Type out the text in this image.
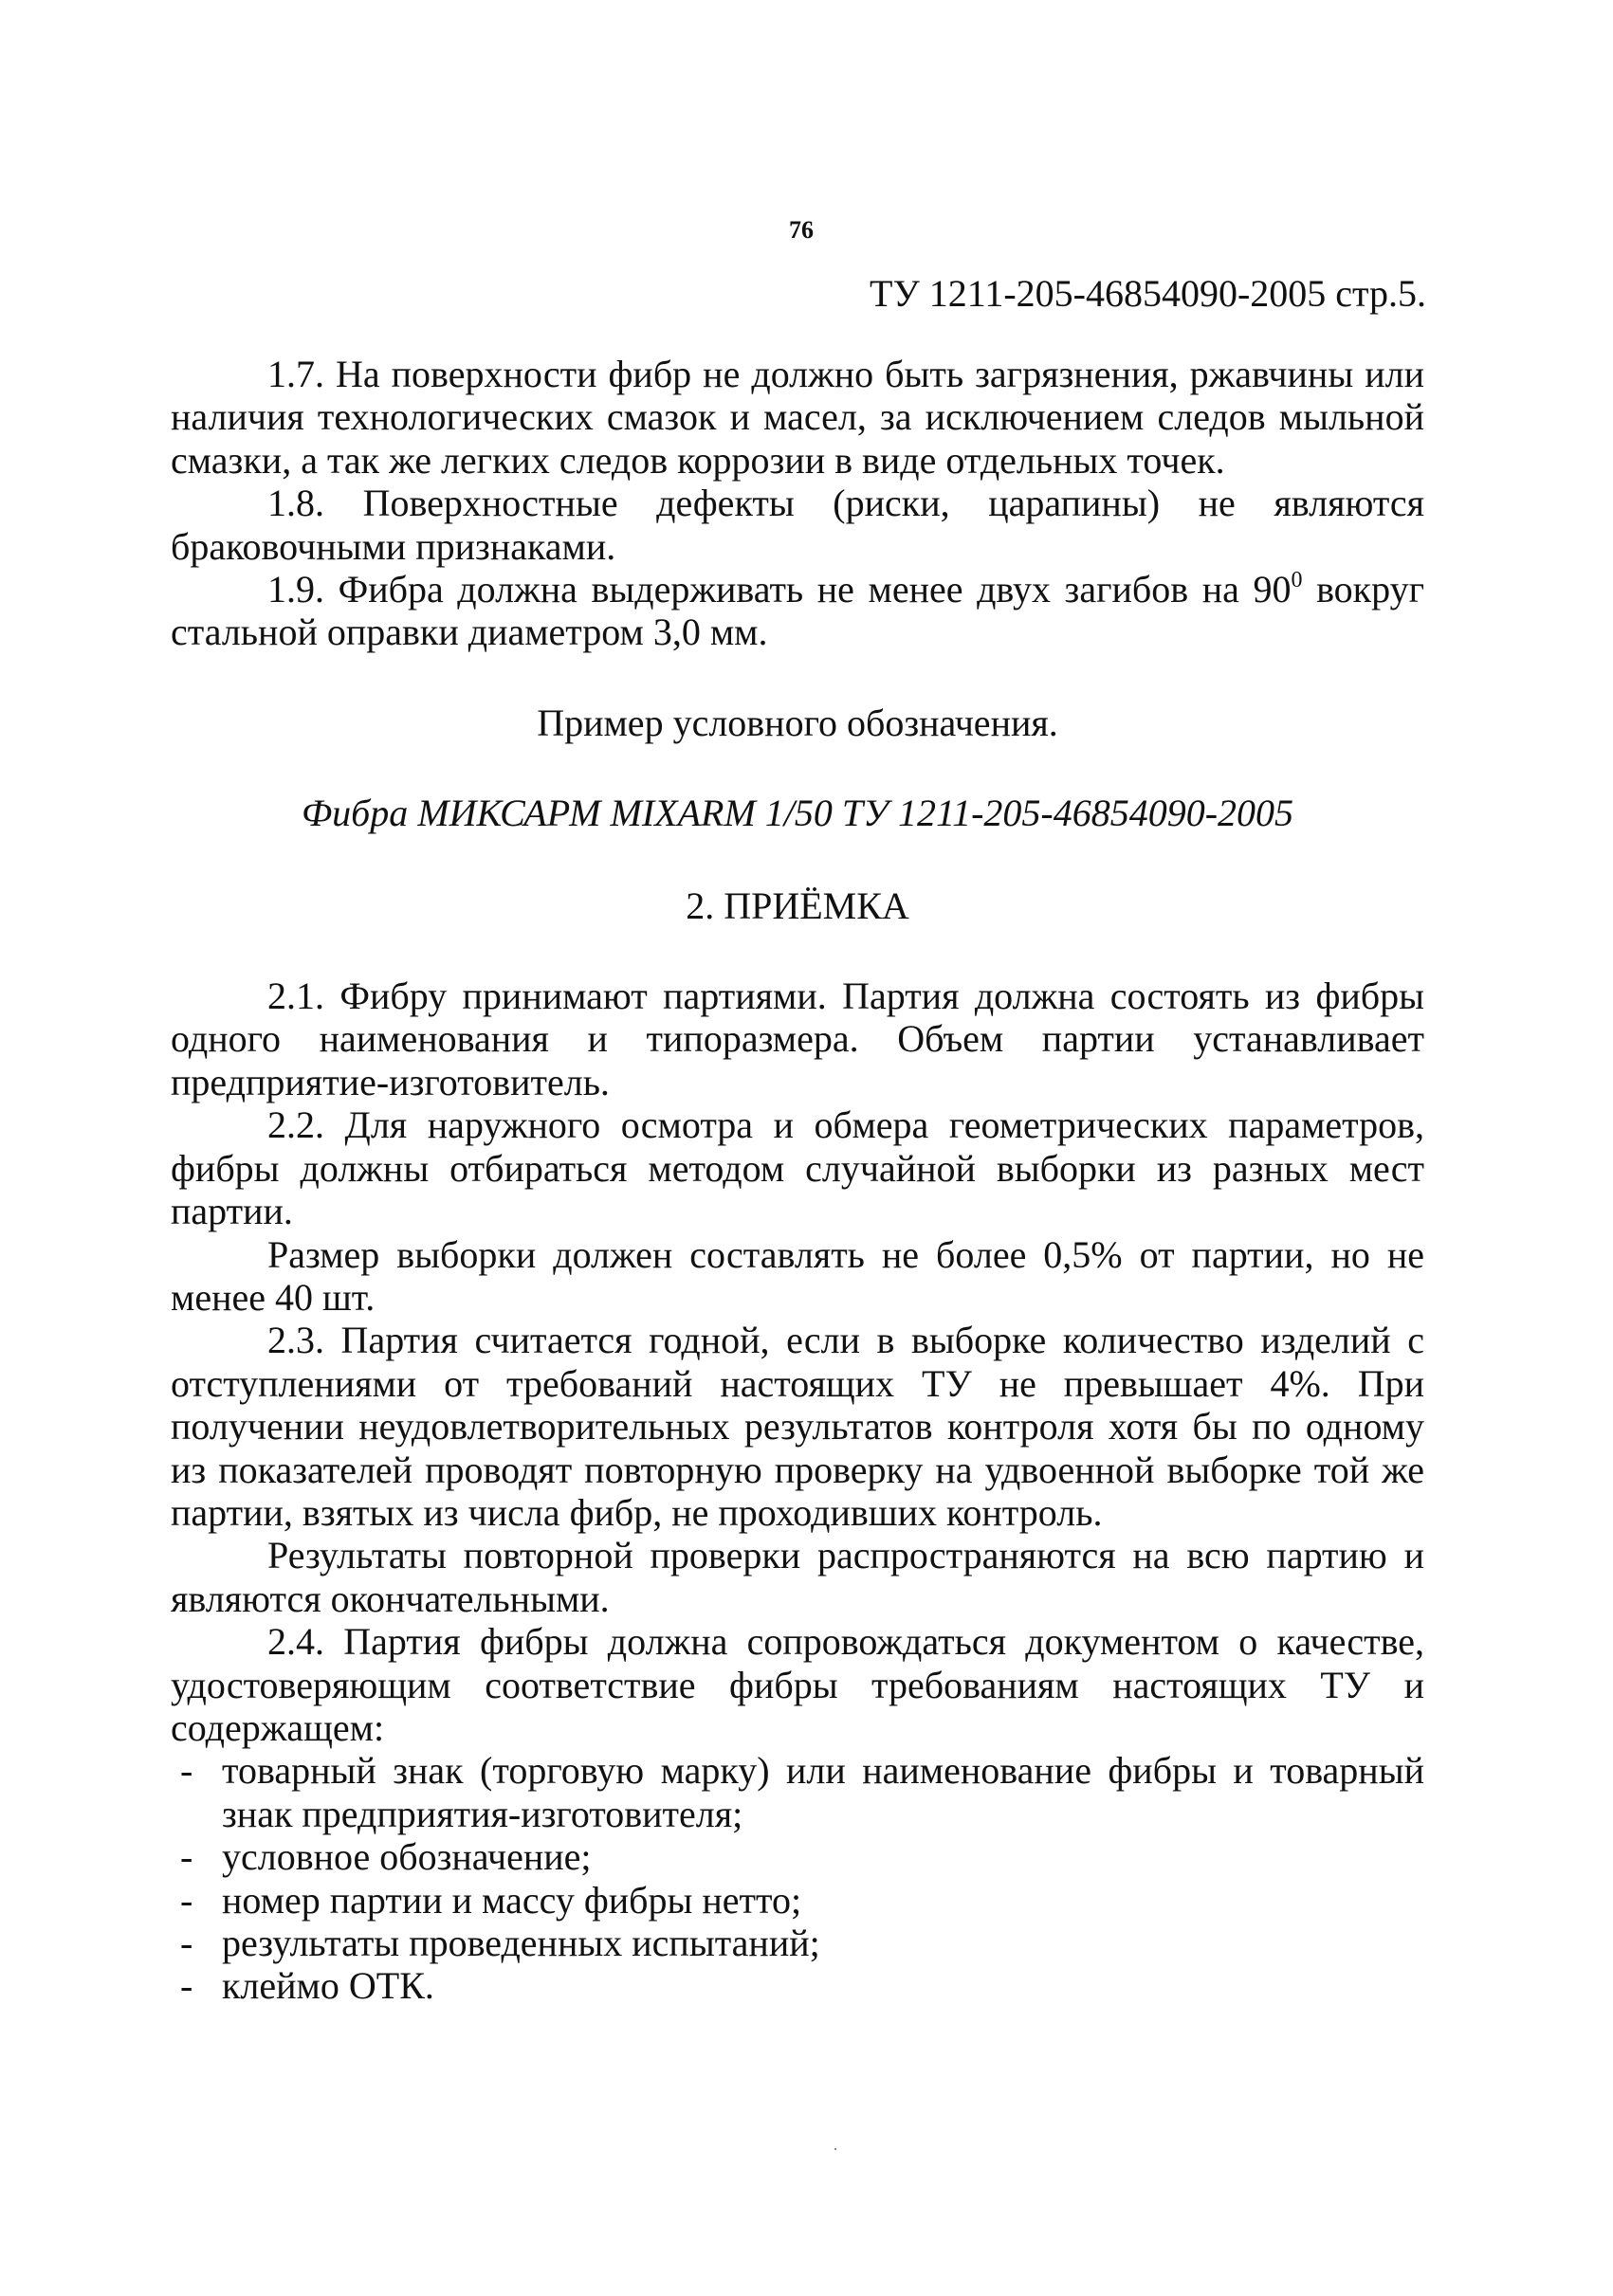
76
ТУ 1211-205-46854090-2005 стр.5.

1.7. На поверхности фибр не должно быть загрязнения, ржавчины или наличия технологических смазок и масел, за исключением следов мыльной смазки, а так же легких следов коррозии в виде отдельных точек.

1.8. Поверхностные дефекты (риски, царапины) не являются браковочными признаками.

1.9. Фибра должна выдерживать не менее двух загибов на $90^0$ вокруг стальной оправки диаметром 3,0 мм.

Пример условного обозначения.

Фибра МИКСАРМ MIXARM 1/50 ТУ 1211-205-46854090-2005

2. ПРИЁМКА

2.1. Фибру принимают партиями. Партия должна состоять из фибры одного наименования и типоразмера. Объем партии устанавливает предприятие-изготовитель.

2.2. Для наружного осмотра и обмера геометрических параметров, фибры должны отбираться методом случайной выборки из разных мест партии.

Размер выборки должен составлять не более 0,5% от партии, но не менее 40 шт.

2.3. Партия считается годной, если в выборке количество изделий с отступлениями от требований настоящих ТУ не превышает 4%. При получении неудовлетворительных результатов контроля хотя бы по одному из показателей проводят повторную проверку на удвоенной выборке той же партии, взятых из числа фибр, не проходивших контроль.

Результаты повторной проверки распространяются на всю партию и являются окончательными.

2.4. Партия фибры должна сопровождаться документом о качестве, удостоверяющим соответствие фибры требованиям настоящих ТУ и содержащем:

- товарный знак (торговую марку) или наименование фибры и товарный знак предприятия-изготовителя;
- условное обозначение;
- номер партии и массу фибры нетто;
- результаты проведенных испытаний;
- клеймо ОТК.
